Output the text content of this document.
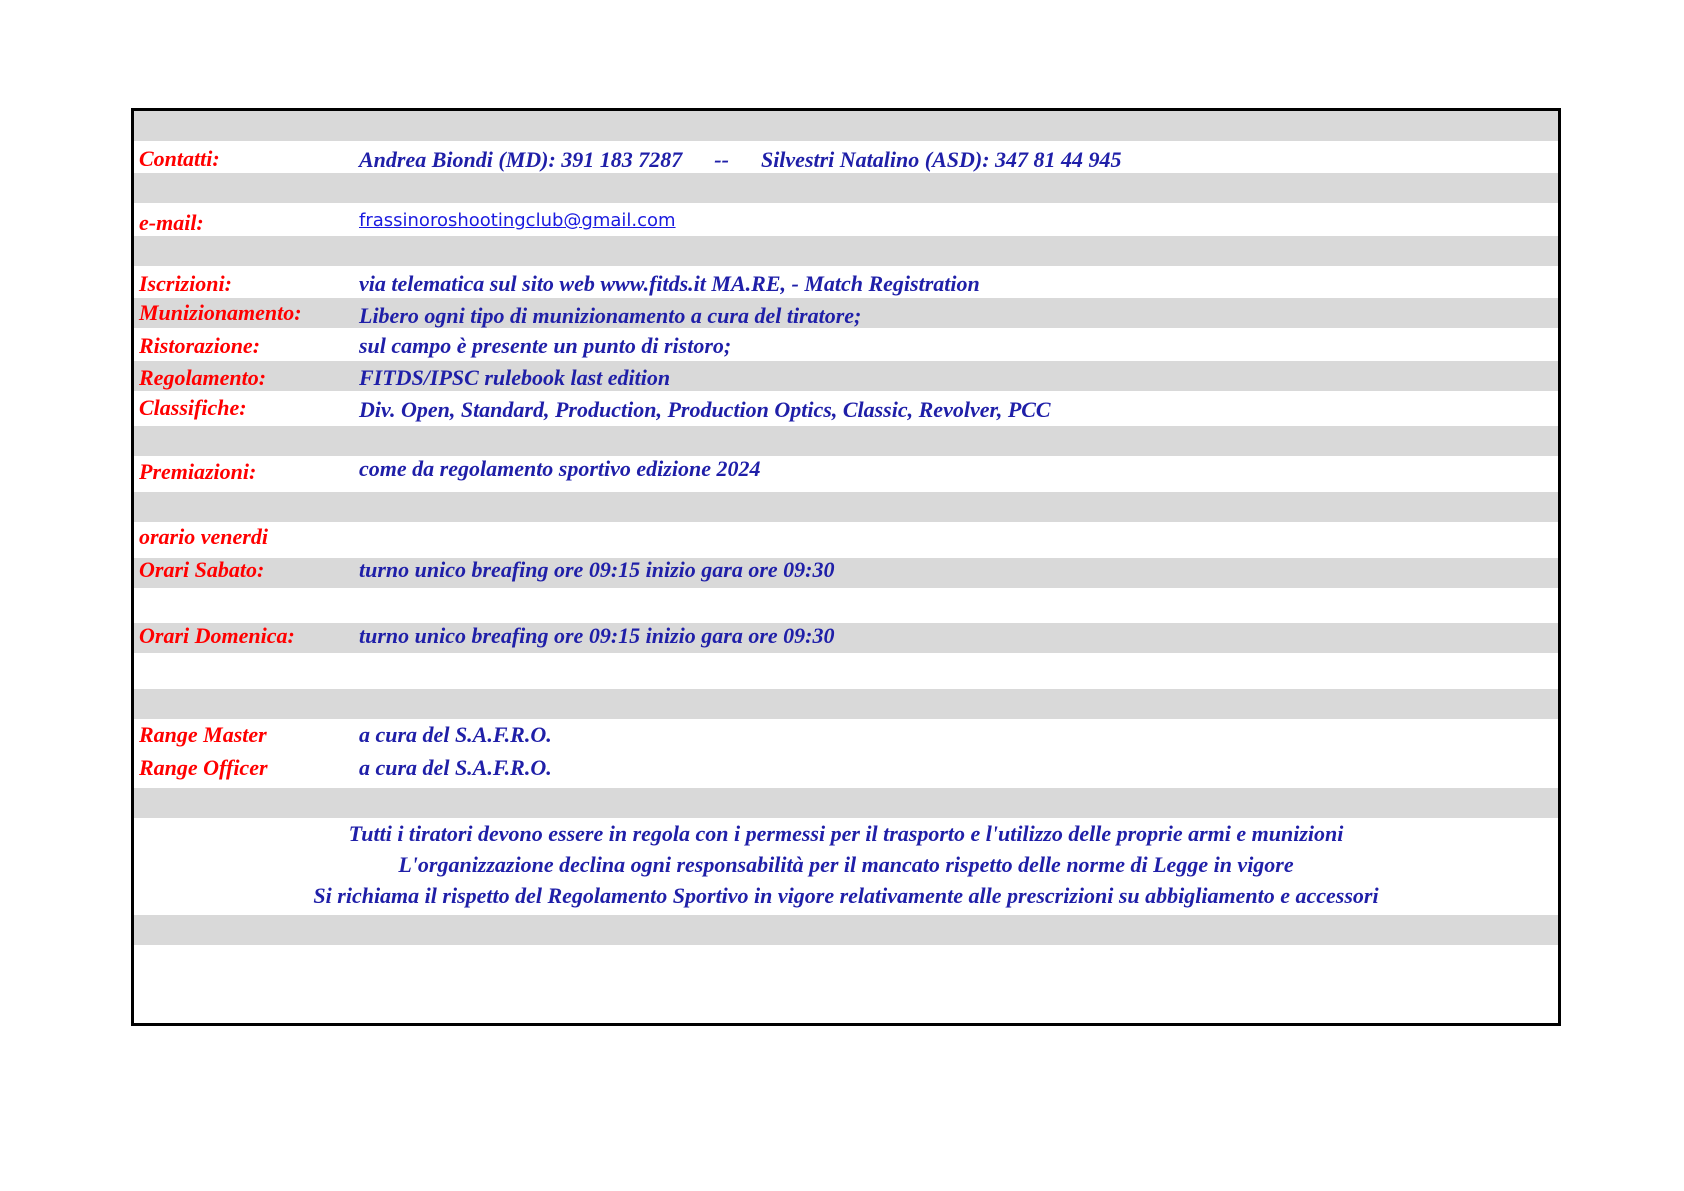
Contatti:	Andrea Biondi (MD): 391 183 7287 -- Silvestri Natalino (ASD): 347 81 44 945
e-mail:	frassinoroshootingclub@gmail.com
Iscrizioni:	via telematica sul sito web www.fitds.it MA.RE, - Match Registration
Munizionamento:	Libero ogni tipo di munizionamento a cura del tiratore;
Ristorazione:	sul campo è presente un punto di ristoro;
Regolamento:	FITDS/IPSC rulebook last edition
Classifiche:	Div. Open, Standard, Production, Production Optics, Classic, Revolver, PCC
Premiazioni:	come da regolamento sportivo edizione 2024
orario venerdi
Orari Sabato:	turno unico breafing ore 09:15 inizio gara ore 09:30
Orari Domenica:	turno unico breafing ore 09:15 inizio gara ore 09:30
Range Master	a cura del S.A.F.R.O.
Range Officer	a cura del S.A.F.R.O.
Tutti i tiratori devono essere in regola con i permessi per il trasporto e l'utilizzo delle proprie armi e munizioni
L'organizzazione declina ogni responsabilità per il mancato rispetto delle norme di Legge in vigore
Si richiama il rispetto del Regolamento Sportivo in vigore relativamente alle prescrizioni su abbigliamento e accessori
